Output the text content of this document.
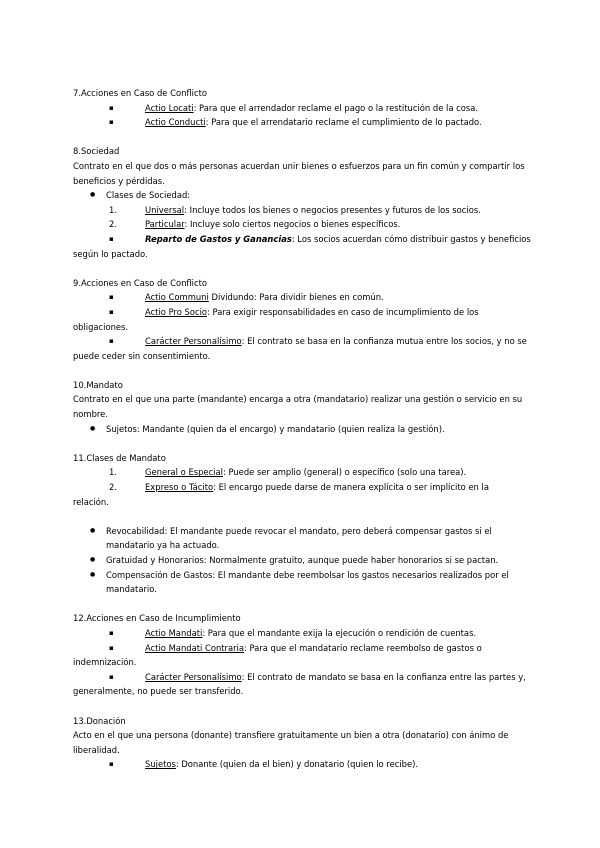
7.Acciones en Caso de Conflicto
▪ Actio Locati: Para que el arrendador reclame el pago o la restitución de la cosa.
▪ Actio Conducti: Para que el arrendatario reclame el cumplimiento de lo pactado.
8.Sociedad
Contrato en el que dos o más personas acuerdan unir bienes o esfuerzos para un fin común y compartir los beneficios y pérdidas.
● Clases de Sociedad:
1.	Universal: Incluye todos los bienes o negocios presentes y futuros de los socios.
2.	Particular: Incluye solo ciertos negocios o bienes específicos.
▪ Reparto de Gastos y Ganancias: Los socios acuerdan cómo distribuir gastos y beneficios
según lo pactado.
9.Acciones en Caso de Conflicto
▪ Actio Communi Dividundo: Para dividir bienes en común.
▪ Actio Pro Socio: Para exigir responsabilidades en caso de incumplimiento de los
obligaciones.
▪ Carácter Personalísimo: El contrato se basa en la confianza mutua entre los socios, y no se
puede ceder sin consentimiento.
10.Mandato
Contrato en el que una parte (mandante) encarga a otra (mandatario) realizar una gestión o servicio en su nombre.
● Sujetos: Mandante (quien da el encargo) y mandatario (quien realiza la gestión).
11.Clases de Mandato
1.	General o Especial: Puede ser amplio (general) o específico (solo una tarea).
2.	Expreso o Tácito: El encargo puede darse de manera explícita o ser implícito en la
relación.
● Revocabilidad: El mandante puede revocar el mandato, pero deberá compensar gastos si el mandatario ya ha actuado.
● Gratuidad y Honorarios: Normalmente gratuito, aunque puede haber honorarios si se pactan.
● Compensación de Gastos: El mandante debe reembolsar los gastos necesarios realizados por el mandatario.
12.Acciones en Caso de Incumplimiento
▪ Actio Mandati: Para que el mandante exija la ejecución o rendición de cuentas.
▪ Actio Mandati Contraria: Para que el mandatario reclame reembolso de gastos o
indemnización.
▪ Carácter Personalísimo: El contrato de mandato se basa en la confianza entre las partes y,
generalmente, no puede ser transferido.
13.Donación
Acto en el que una persona (donante) transfiere gratuitamente un bien a otra (donatario) con ánimo de liberalidad.
▪ Sujetos: Donante (quien da el bien) y donatario (quien lo recibe).
